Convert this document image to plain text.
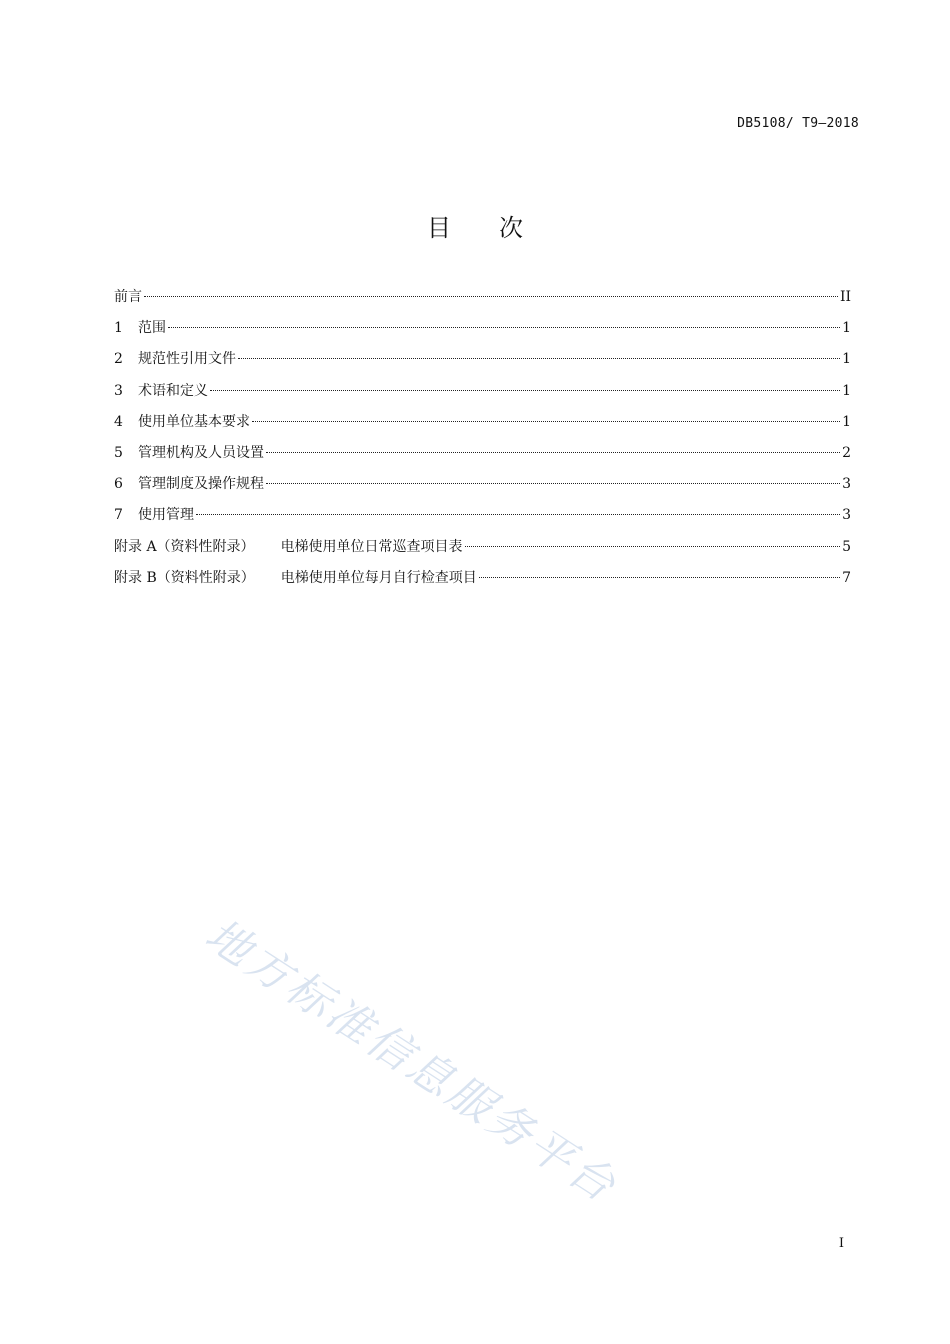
DB5108/ T9—2018
目次
前言	II
1	范围	1
2	规范性引用文件	1
3	术语和定义	1
4	使用单位基本要求	1
5	管理机构及人员设置	2
6	管理制度及操作规程	3
7	使用管理	3
附录 A（资料性附录） 电梯使用单位日常巡查项目表	5
附录 B（资料性附录） 电梯使用单位每月自行检查项目	7
地方标准信息服务平台
I
